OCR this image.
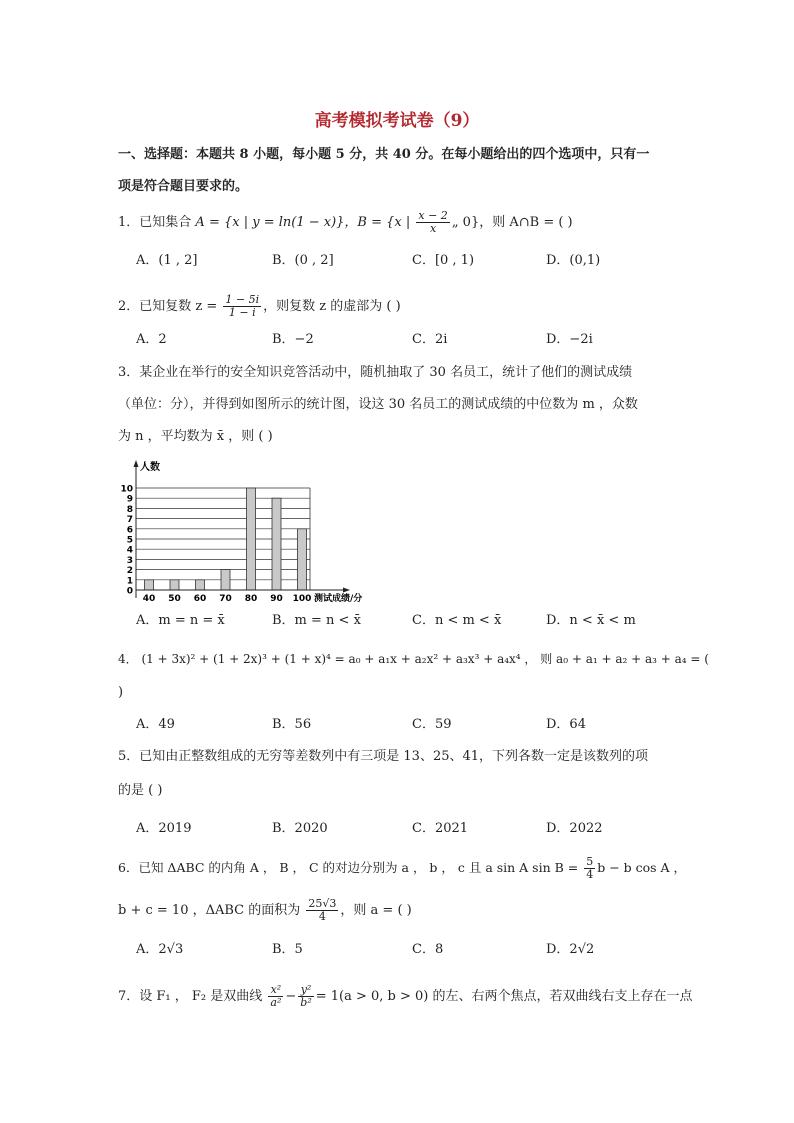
高考模拟考试卷（9）
一、选择题：本题共 8 小题，每小题 5 分，共 40 分。在每小题给出的四个选项中，只有一
项是符合题目要求的。
1．已知集合 A = {x | y = ln(1 − x)}，B = {x | $\frac{x - 2}{x}$ „ 0}，则 A∩B = ( )
A．(1 , 2]	B．(0 , 2]	C．[0 , 1)	D．(0,1)
2．已知复数 $z = \frac{1 - 5i}{1 - i}$ ，则复数 z 的虚部为 ( )
A．2	B．−2	C．2i	D．−2i
3．某企业在举行的安全知识竞答活动中，随机抽取了 30 名员工，统计了他们的测试成绩
（单位：分），并得到如图所示的统计图，设这 30 名员工的测试成绩的中位数为 m ，众数
为 n ，平均数为 x̄ ，则 ( )
0
1
2
3
4
5
6
7
8
9
10
40 50 60 70 80 90 100
人数
测试成绩/分
A．m = n = x̄	B．m = n < x̄	C．n < m < x̄	D．n < x̄ < m
4． (1 + 3x)² + (1 + 2x)³ + (1 + x)⁴ = a₀ + a₁x + a₂x² + a₃x³ + a₄x⁴ ， 则 a₀ + a₁ + a₂ + a₃ + a₄ = (
)
A．49	B．56	C．59	D．64
5．已知由正整数组成的无穷等差数列中有三项是 13、25、41，下列各数一定是该数列的项
的是 ( )
A．2019	B．2020	C．2021	D．2022
6．已知 ΔABC 的内角 A ， B ， C 的对边分别为 a ， b ， c 且 a sin A $\sin B = \frac{5}{4}$ b − b cos A ，
b + c = 10 ，ΔABC 的面积为 $\frac{25√3}{4}$ ，则 a = ( )
A．2√3	B．5	C．8	D．2√2
7．设 F₁ ， F₂ 是双曲线 $\frac{\text{x²}}{\text{a²}} - \frac{\text{y²}}{\text{b²}} = 1(a > 0$, b > 0) 的左、右两个焦点，若双曲线右支上存在一点
